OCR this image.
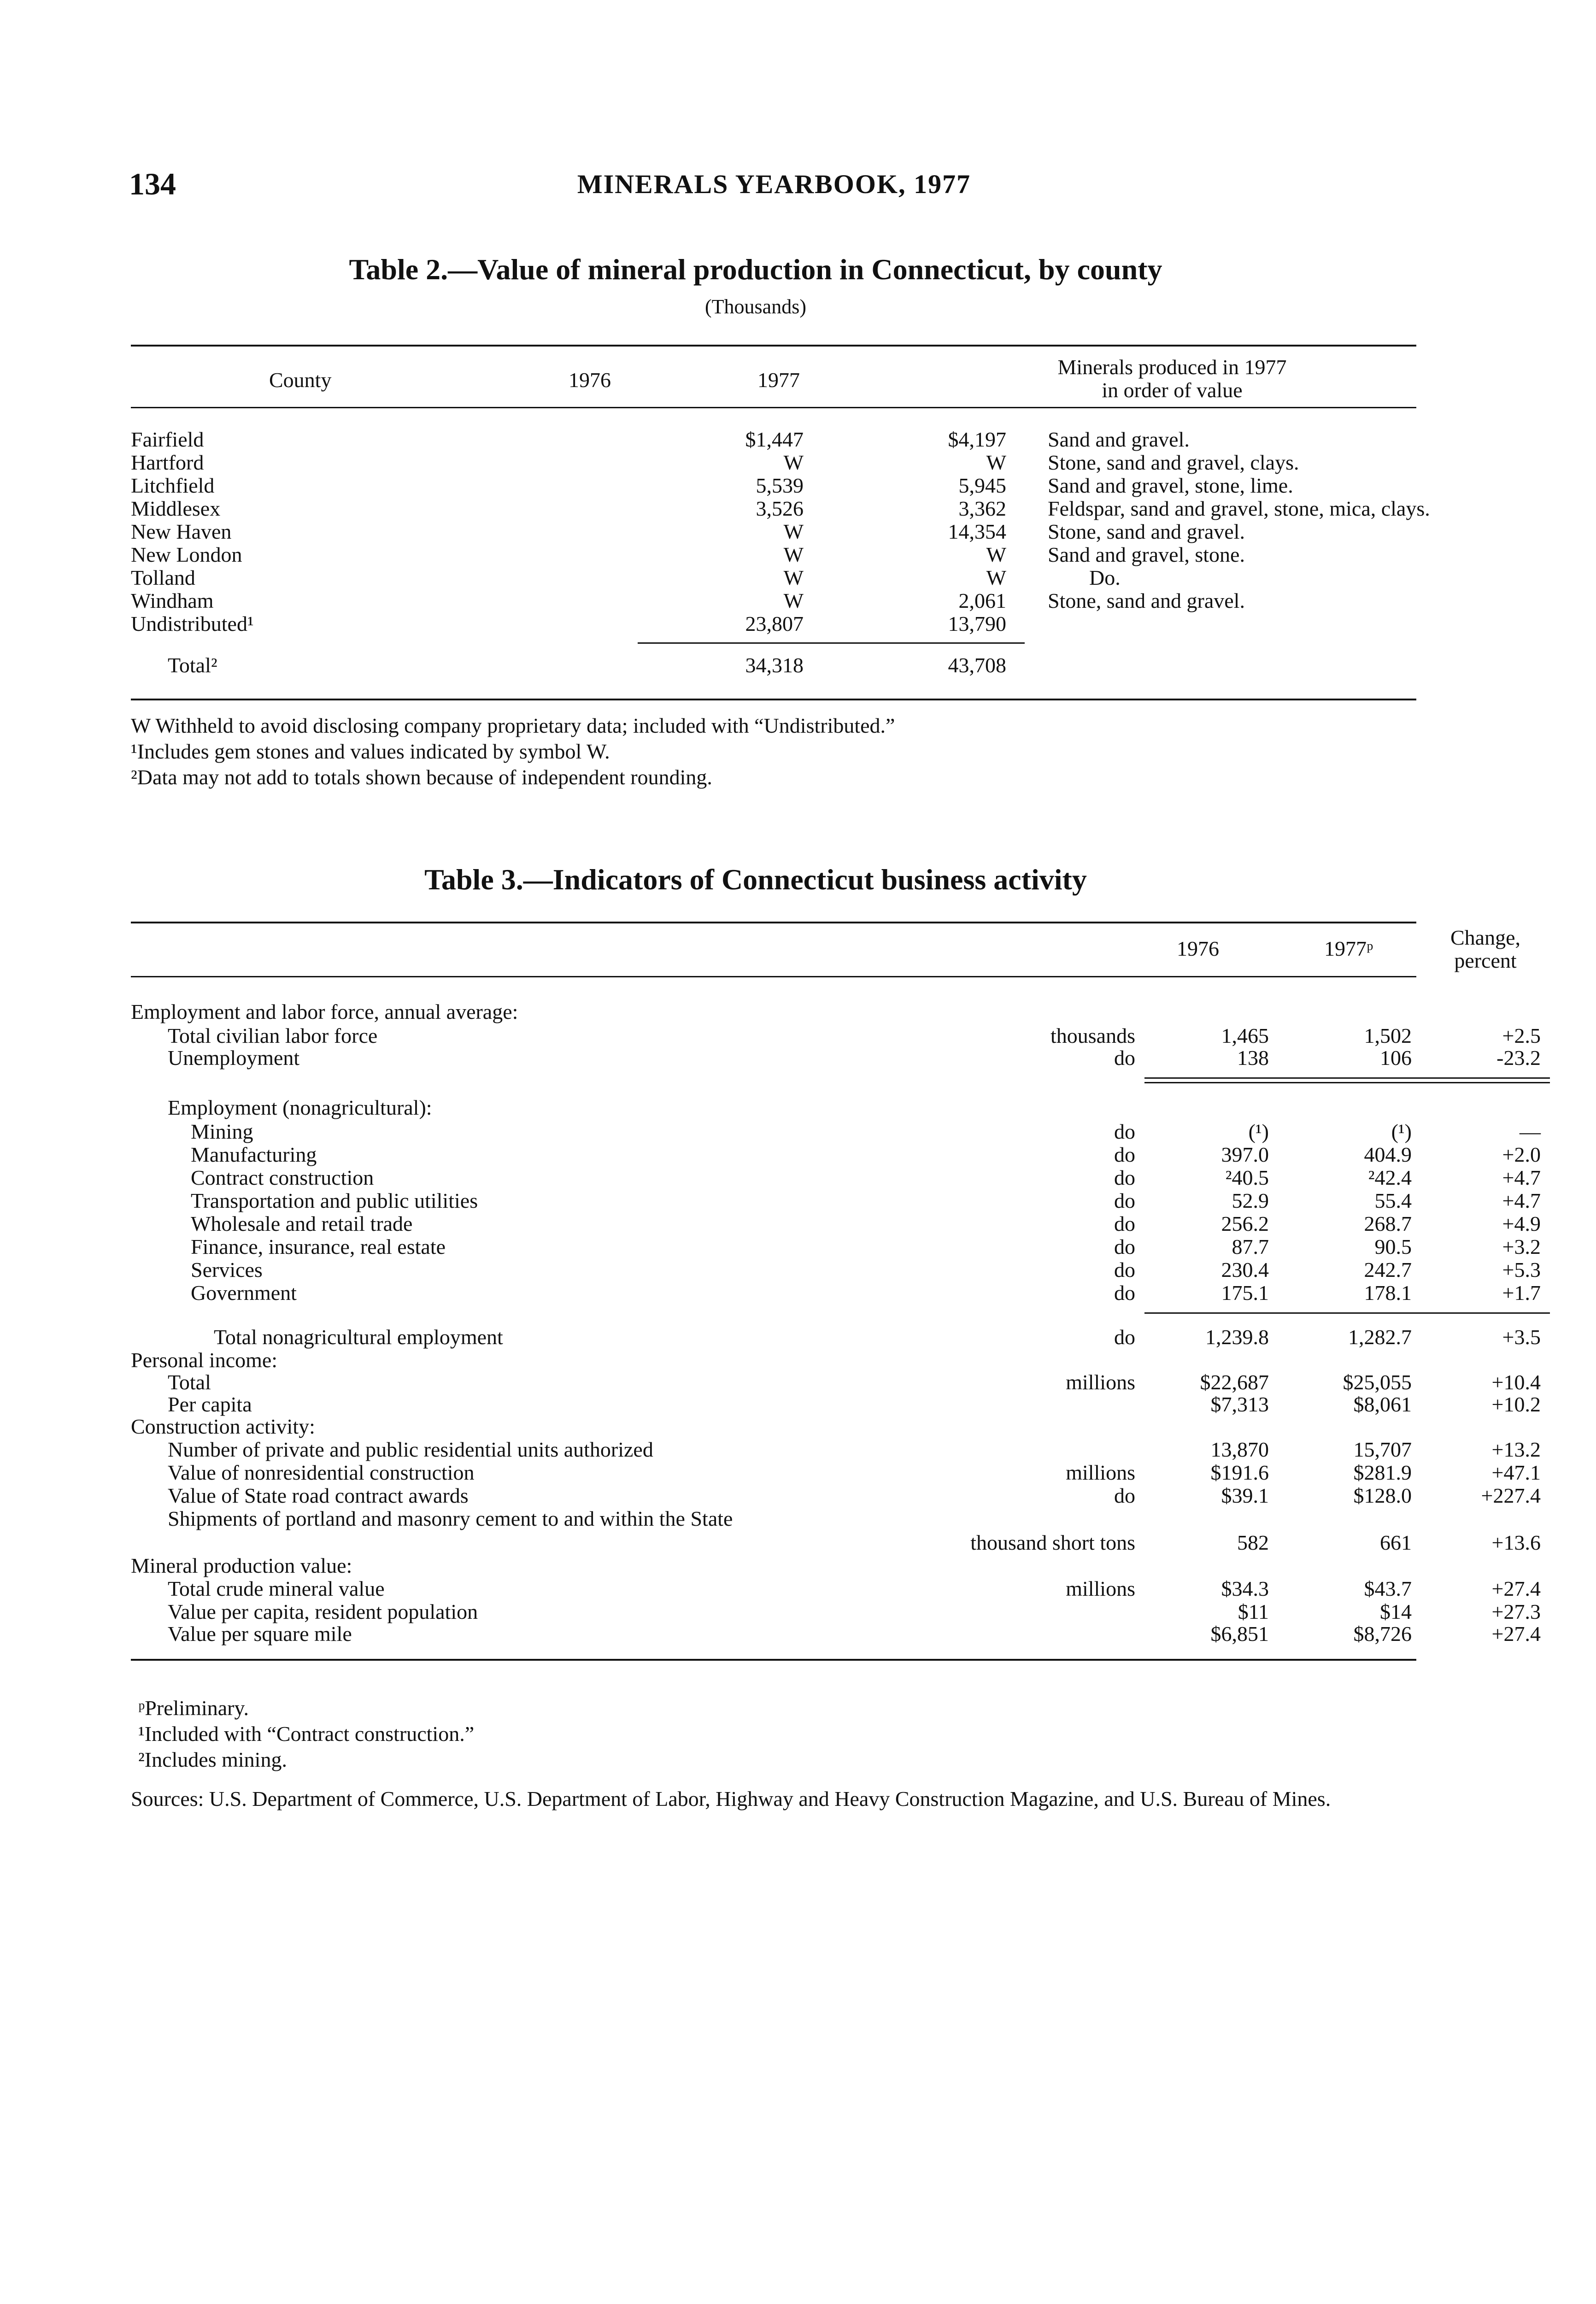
134	MINERALS YEARBOOK, 1977
Table 2.—Value of mineral production in Connecticut, by county
(Thousands)
County	1976	1977
Minerals produced in 1977
in order of value
Fairfield	$1,447	$4,197 Sand and gravel.
Hartford	W	W Stone, sand and gravel, clays.
Litchfield	5,539	5,945 Sand and gravel, stone, lime.
Middlesex	3,526	3,362 Feldspar, sand and gravel, stone, mica, clays.
New Haven	W	14,354 Stone, sand and gravel.
New London	W	W Sand and gravel, stone.
Tolland	W	W	Do.
Windham	W	2,061 Stone, sand and gravel.
Undistributed¹	23,807	13,790
Total²	34,318	43,708
W Withheld to avoid disclosing company proprietary data; included with “Undistributed.”
¹Includes gem stones and values indicated by symbol W.
²Data may not add to totals shown because of independent rounding.
Table 3.—Indicators of Connecticut business activity
1976	1977ᵖ	Change,
percent
Employment and labor force, annual average:
Total civilian labor force	thousands	1,465	1,502	+2.5
Unemployment	do	138	106	-23.2
Employment (nonagricultural):
Mining	do	(¹)	(¹)	—
Manufacturing	do	397.0	404.9	+2.0
Contract construction	do	²40.5	²42.4	+4.7
Transportation and public utilities	do	52.9	55.4	+4.7
Wholesale and retail trade	do	256.2	268.7	+4.9
Finance, insurance, real estate	do	87.7	90.5	+3.2
Services	do	230.4	242.7	+5.3
Government	do	175.1	178.1	+1.7
Total nonagricultural employment	do	1,239.8	1,282.7	+3.5
Personal income:
Total	millions	$22,687	$25,055	+10.4
Per capita	$7,313	$8,061	+10.2
Construction activity:
Number of private and public residential units authorized	13,870	15,707	+13.2
Value of nonresidential construction	millions	$191.6	$281.9	+47.1
Value of State road contract awards	do	$39.1	$128.0	+227.4
Shipments of portland and masonry cement to and within the State
thousand short tons	582	661	+13.6
Mineral production value:
Total crude mineral value	millions	$34.3	$43.7	+27.4
Value per capita, resident population	$11	$14	+27.3
Value per square mile	$6,851	$8,726	+27.4
ᵖPreliminary.
¹Included with “Contract construction.”
²Includes mining.
Sources: U.S. Department of Commerce, U.S. Department of Labor, Highway and Heavy Construction Magazine, and U.S. Bureau of Mines.
